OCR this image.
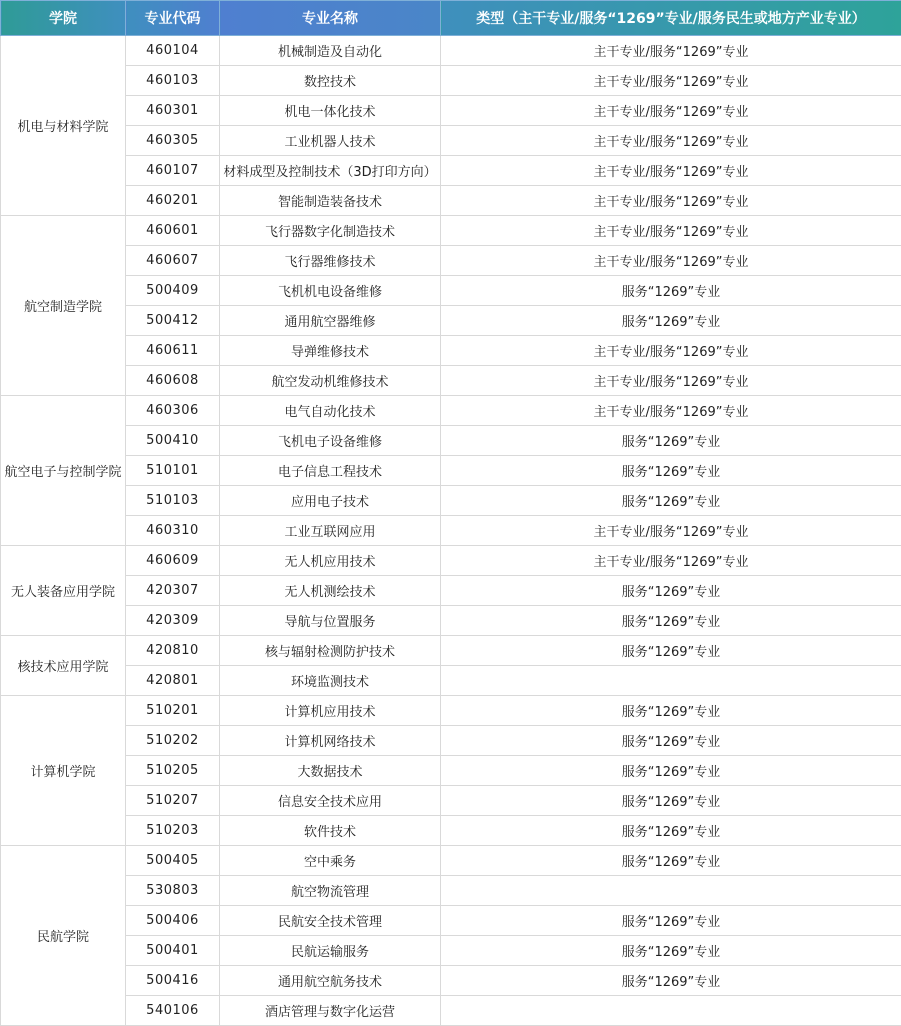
学院	专业代码	专业名称	类型（主干专业/服务“1269”专业/服务民生或地方产业专业）
机电与材料学院	460104	机械制造及自动化	主干专业/服务“1269”专业
	460103	数控技术	主干专业/服务“1269”专业
	460301	机电一体化技术	主干专业/服务“1269”专业
	460305	工业机器人技术	主干专业/服务“1269”专业
	460107	材料成型及控制技术（3D打印方向）	主干专业/服务“1269”专业
	460201	智能制造装备技术	主干专业/服务“1269”专业
航空制造学院	460601	飞行器数字化制造技术	主干专业/服务“1269”专业
	460607	飞行器维修技术	主干专业/服务“1269”专业
	500409	飞机机电设备维修	服务“1269”专业
	500412	通用航空器维修	服务“1269”专业
	460611	导弹维修技术	主干专业/服务“1269”专业
	460608	航空发动机维修技术	主干专业/服务“1269”专业
航空电子与控制学院	460306	电气自动化技术	主干专业/服务“1269”专业
	500410	飞机电子设备维修	服务“1269”专业
	510101	电子信息工程技术	服务“1269”专业
	510103	应用电子技术	服务“1269”专业
	460310	工业互联网应用	主干专业/服务“1269”专业
无人装备应用学院	460609	无人机应用技术	主干专业/服务“1269”专业
	420307	无人机测绘技术	服务“1269”专业
	420309	导航与位置服务	服务“1269”专业
核技术应用学院	420810	核与辐射检测防护技术	服务“1269”专业
	420801	环境监测技术	
计算机学院	510201	计算机应用技术	服务“1269”专业
	510202	计算机网络技术	服务“1269”专业
	510205	大数据技术	服务“1269”专业
	510207	信息安全技术应用	服务“1269”专业
	510203	软件技术	服务“1269”专业
民航学院	500405	空中乘务	服务“1269”专业
	530803	航空物流管理	
	500406	民航安全技术管理	服务“1269”专业
	500401	民航运输服务	服务“1269”专业
	500416	通用航空航务技术	服务“1269”专业
	540106	酒店管理与数字化运营	
